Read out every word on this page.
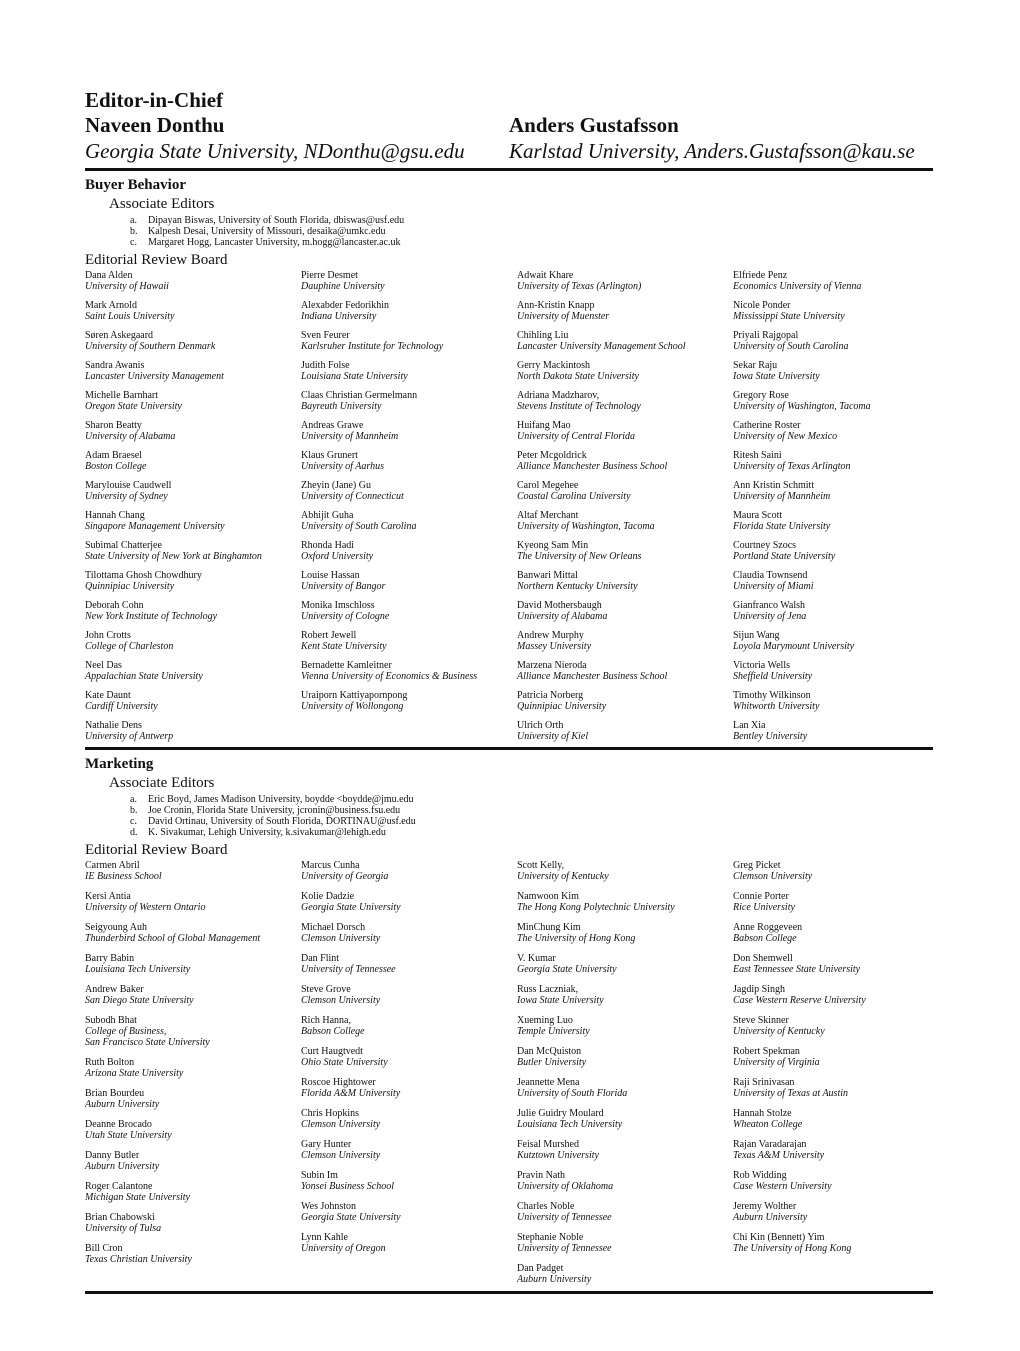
Editor-in-Chief
Naveen Donthu
Georgia State University, NDonthu@gsu.edu
Anders Gustafsson
Karlstad University, Anders.Gustafsson@kau.se
Buyer Behavior
Associate Editors
a. Dipayan Biswas, University of South Florida, dbiswas@usf.edu
b. Kalpesh Desai, University of Missouri, desaika@umkc.edu
c. Margaret Hogg, Lancaster University, m.hogg@lancaster.ac.uk
Editorial Review Board
Dana Alden
University of Hawaii
Mark Arnold
Saint Louis University
Søren Askegaard
University of Southern Denmark
Sandra Awanis
Lancaster University Management
Michelle Barnhart
Oregon State University
Sharon Beatty
University of Alabama
Adam Braesel
Boston College
Marylouise Caudwell
University of Sydney
Hannah Chang
Singapore Management University
Subimal Chatterjee
State University of New York at Binghamton
Tilottama Ghosh Chowdhury
Quinnipiac University
Deborah Cohn
New York Institute of Technology
John Crotts
College of Charleston
Neel Das
Appalachian State University
Kate Daunt
Cardiff University
Nathalie Dens
University of Antwerp
Pierre Desmet
Dauphine University
Alexabder Fedorikhin
Indiana University
Sven Feurer
Karlsruher Institute for Technology
Judith Folse
Louisiana State University
Claas Christian Germelmann
Bayreuth University
Andreas Grawe
University of Mannheim
Klaus Grunert
University of Aarhus
Zheyin (Jane) Gu
University of Connecticut
Abhijit Guha
University of South Carolina
Rhonda Hadi
Oxford University
Louise Hassan
University of Bangor
Monika Imschloss
University of Cologne
Robert Jewell
Kent State University
Bernadette Kamleitner
Vienna University of Economics & Business
Uraiporn Kattiyapornpong
University of Wollongong
Adwait Khare
University of Texas (Arlington)
Ann-Kristin Knapp
University of Muenster
Chihling Liu
Lancaster University Management School
Gerry Mackintosh
North Dakota State University
Adriana Madzharov,
Stevens Institute of Technology
Huifang Mao
University of Central Florida
Peter Mcgoldrick
Alliance Manchester Business School
Carol Megehee
Coastal Carolina University
Altaf Merchant
University of Washington, Tacoma
Kyeong Sam Min
The University of New Orleans
Banwari Mittal
Northern Kentucky University
David Mothersbaugh
University of Alabama
Andrew Murphy
Massey University
Marzena Nieroda
Alliance Manchester Business School
Patricia Norberg
Quinnipiac University
Ulrich Orth
University of Kiel
Elfriede Penz
Economics University of Vienna
Nicole Ponder
Mississippi State University
Priyali Rajgopal
University of South Carolina
Sekar Raju
Iowa State University
Gregory Rose
University of Washington, Tacoma
Catherine Roster
University of New Mexico
Ritesh Saini
University of Texas Arlington
Ann Kristin Schmitt
University of Mannheim
Maura Scott
Florida State University
Courtney Szocs
Portland State University
Claudia Townsend
University of Miami
Gianfranco Walsh
University of Jena
Sijun Wang
Loyola Marymount University
Victoria Wells
Sheffield University
Timothy Wilkinson
Whitworth University
Lan Xia
Bentley University
Marketing
Associate Editors
a. Eric Boyd, James Madison University, boydde <boydde@jmu.edu
b. Joe Cronin, Florida State University, jcronin@business.fsu.edu
c. David Ortinau, University of South Florida, DORTINAU@usf.edu
d. K. Sivakumar, Lehigh University, k.sivakumar@lehigh.edu
Editorial Review Board
Carmen Abril
IE Business School
Kersi Antia
University of Western Ontario
Seigyoung Auh
Thunderbird School of Global Management
Barry Babin
Louisiana Tech University
Andrew Baker
San Diego State University
Subodh Bhat
College of Business,
San Francisco State University
Ruth Bolton
Arizona State University
Brian Bourdeu
Auburn University
Deanne Brocado
Utah State University
Danny Butler
Auburn University
Roger Calantone
Michigan State University
Brian Chabowski
University of Tulsa
Bill Cron
Texas Christian University
Marcus Cunha
University of Georgia
Kolie Dadzie
Georgia State University
Michael Dorsch
Clemson University
Dan Flint
University of Tennessee
Steve Grove
Clemson University
Rich Hanna,
Babson College
Curt Haugtvedt
Ohio State University
Roscoe Hightower
Florida A&M University
Chris Hopkins
Clemson University
Gary Hunter
Clemson University
Subin Im
Yonsei Business School
Wes Johnston
Georgia State University
Lynn Kahle
University of Oregon
Scott Kelly,
University of Kentucky
Namwoon Kim
The Hong Kong Polytechnic University
MinChung Kim
The University of Hong Kong
V. Kumar
Georgia State University
Russ Laczniak,
Iowa State University
Xueming Luo
Temple University
Dan McQuiston
Butler University
Jeannette Mena
University of South Florida
Julie Guidry Moulard
Louisiana Tech University
Feisal Murshed
Kutztown University
Pravin Nath
University of Oklahoma
Charles Noble
University of Tennessee
Stephanie Noble
University of Tennessee
Dan Padget
Auburn University
Greg Picket
Clemson University
Connie Porter
Rice University
Anne Roggeveen
Babson College
Don Shemwell
East Tennessee State University
Jagdip Singh
Case Western Reserve University
Steve Skinner
University of Kentucky
Robert Spekman
University of Virginia
Raji Srinivasan
University of Texas at Austin
Hannah Stolze
Wheaton College
Rajan Varadarajan
Texas A&M University
Rob Widding
Case Western University
Jeremy Wolther
Auburn University
Chi Kin (Bennett) Yim
The University of Hong Kong
